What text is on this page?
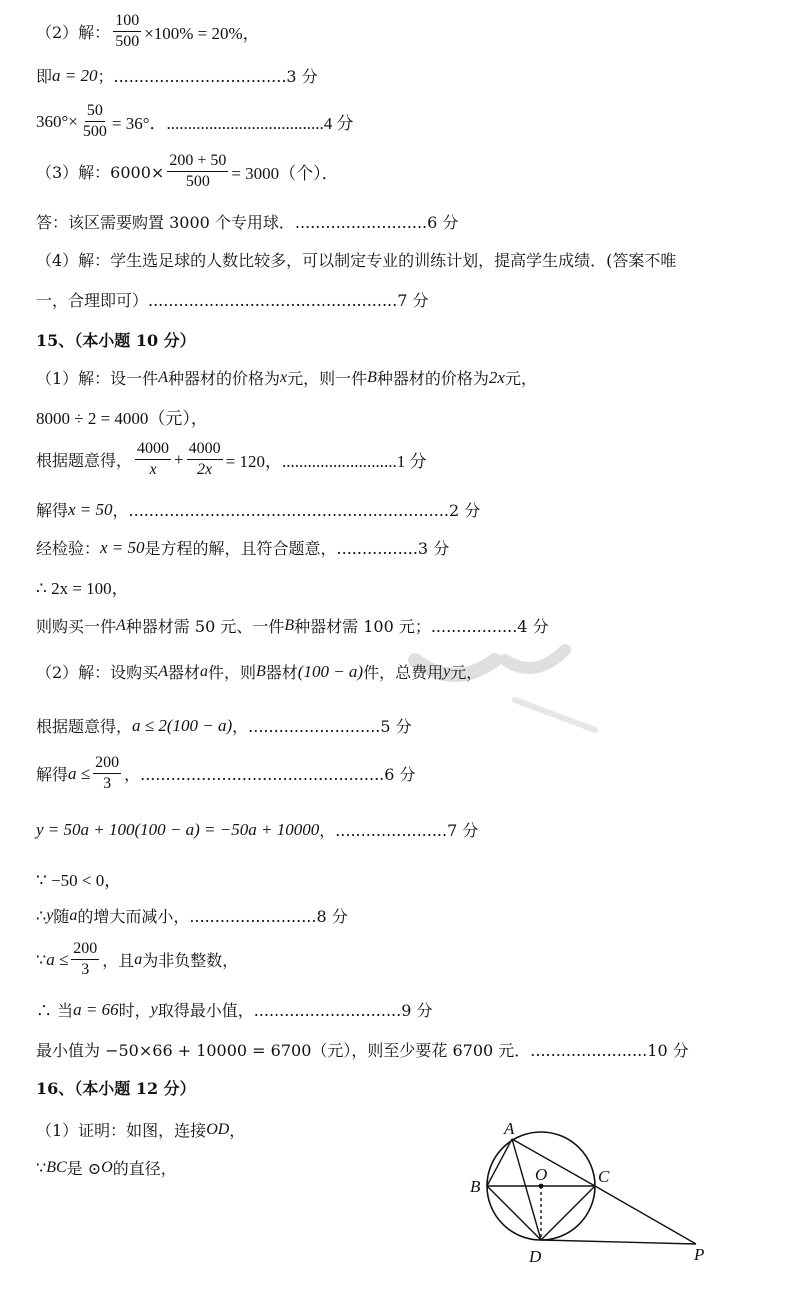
（2）解： $\frac{100}{500} \times 100\% = 20\%$，
即 a = 20 ；..................................3 分
$360^\circ\times \frac{50}{500} = 36^\circ$．.....................................4 分
（3）解：$6000\times \frac{200 + 50}{500} = 3000$（个）．
答：该区需要购置 3000 个专用球．..........................6 分
（4）解：学生选足球的人数比较多，可以制定专业的训练计划，提高学生成绩．(答案不唯
一，合理即可）.................................................7 分
15、（本小题 10 分）
（1）解：设一件 A 种器材的价格为 x 元，则一件 B 种器材的价格为 2x 元，
8000 ÷ 2 = 4000（元），
根据题意得， $\frac{4000}{x} + \frac{4000}{2x} = 120$，...........................1 分
解得 x = 50 ，...............................................................2 分
经检验： x = 50 是方程的解，且符合题意，................3 分
∴ 2x = 100，
则购买一件 A 种器材需 50 元、一件 B 种器材需 100 元；.................4 分
（2）解：设购买 A 器材 a 件，则 B 器材 (100 − a) 件，总费用 y 元，
根据题意得， a ≤ 2(100 − a) ，..........................5 分
解得 $a \le \frac{200}{3}$ ，................................................6 分
y = 50a + 100(100 − a) = −50a + 10000 ，......................7 分
∵ −50 < 0，
∴ y 随 a 的增大而减小，.........................8 分
∵ $a \le \frac{200}{3}$ ，且 a 为非负整数，
∴ 当 a = 66 时， y 取得最小值，.............................9 分
最小值为 −50×66 + 10000 = 6700（元），则至少要花 6700 元．.......................10 分
16、（本小题 12 分）
（1）证明：如图，连接 OD ，
∵ BC 是 ⊙ O 的直径，
A
B
C
D
O
P
